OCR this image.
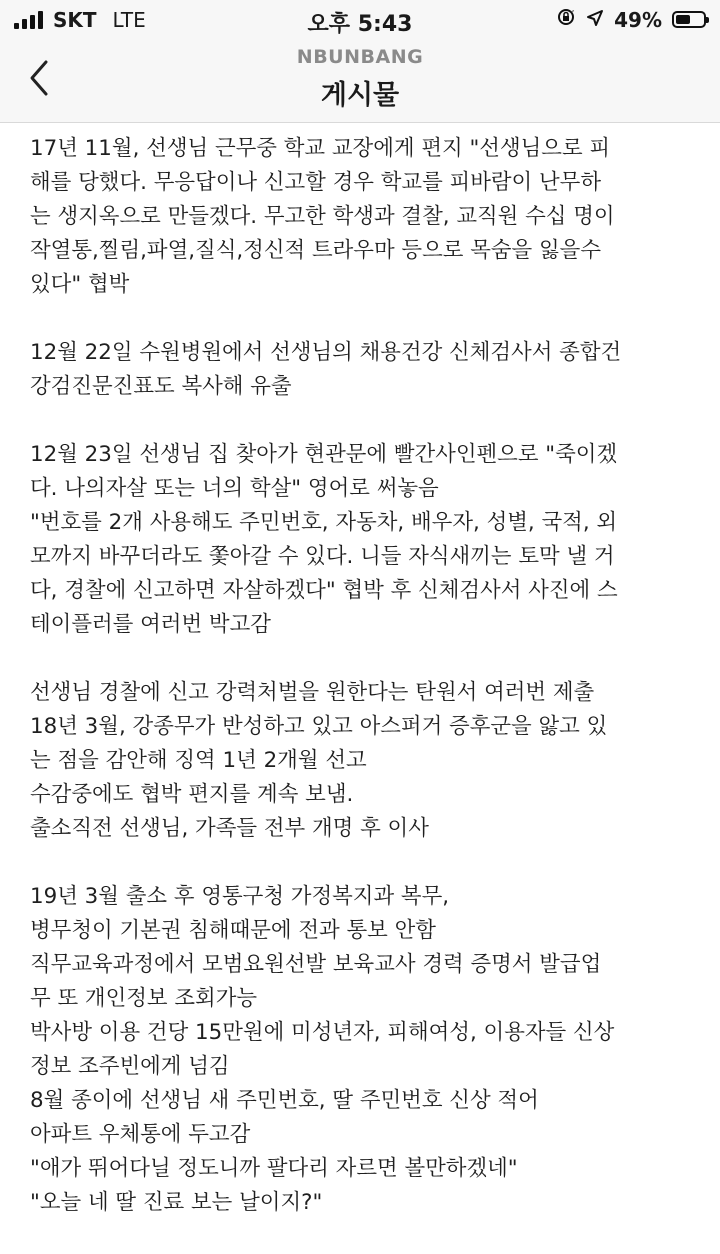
SKT LTE	오후 5:43	49%
NBUNBANG
게시물

17년 11월, 선생님 근무중 학교 교장에게 편지 "선생님으로 피
해를 당했다. 무응답이나 신고할 경우 학교를 피바람이 난무하
는 생지옥으로 만들겠다. 무고한 학생과 결찰, 교직원 수십 명이
작열통,찔림,파열,질식,정신적 트라우마 등으로 목숨을 잃을수
있다" 협박

12월 22일 수원병원에서 선생님의 채용건강 신체검사서 종합건
강검진문진표도 복사해 유출

12월 23일 선생님 집 찾아가 현관문에 빨간사인펜으로 "죽이겠
다. 나의자살 또는 너의 학살" 영어로 써놓음
"번호를 2개 사용해도 주민번호, 자동차, 배우자, 성별, 국적, 외
모까지 바꾸더라도 쫓아갈 수 있다. 니들 자식새끼는 토막 낼 거
다, 경찰에 신고하면 자살하겠다" 협박 후 신체검사서 사진에 스
테이플러를 여러번 박고감

선생님 경찰에 신고 강력처벌을 원한다는 탄원서 여러번 제출
18년 3월, 강종무가 반성하고 있고 아스퍼거 증후군을 앓고 있
는 점을 감안해 징역 1년 2개월 선고
수감중에도 협박 편지를 계속 보냄.
출소직전 선생님, 가족들 전부 개명 후 이사

19년 3월 출소 후 영통구청 가정복지과 복무,
병무청이 기본권 침해때문에 전과 통보 안함
직무교육과정에서 모범요원선발 보육교사 경력 증명서 발급업
무 또 개인정보 조회가능
박사방 이용 건당 15만원에 미성년자, 피해여성, 이용자들 신상
정보 조주빈에게 넘김
8월 종이에 선생님 새 주민번호, 딸 주민번호 신상 적어
아파트 우체통에 두고감
"애가 뛰어다닐 정도니까 팔다리 자르면 볼만하겠네"
"오늘 네 딸 진료 보는 날이지?"
